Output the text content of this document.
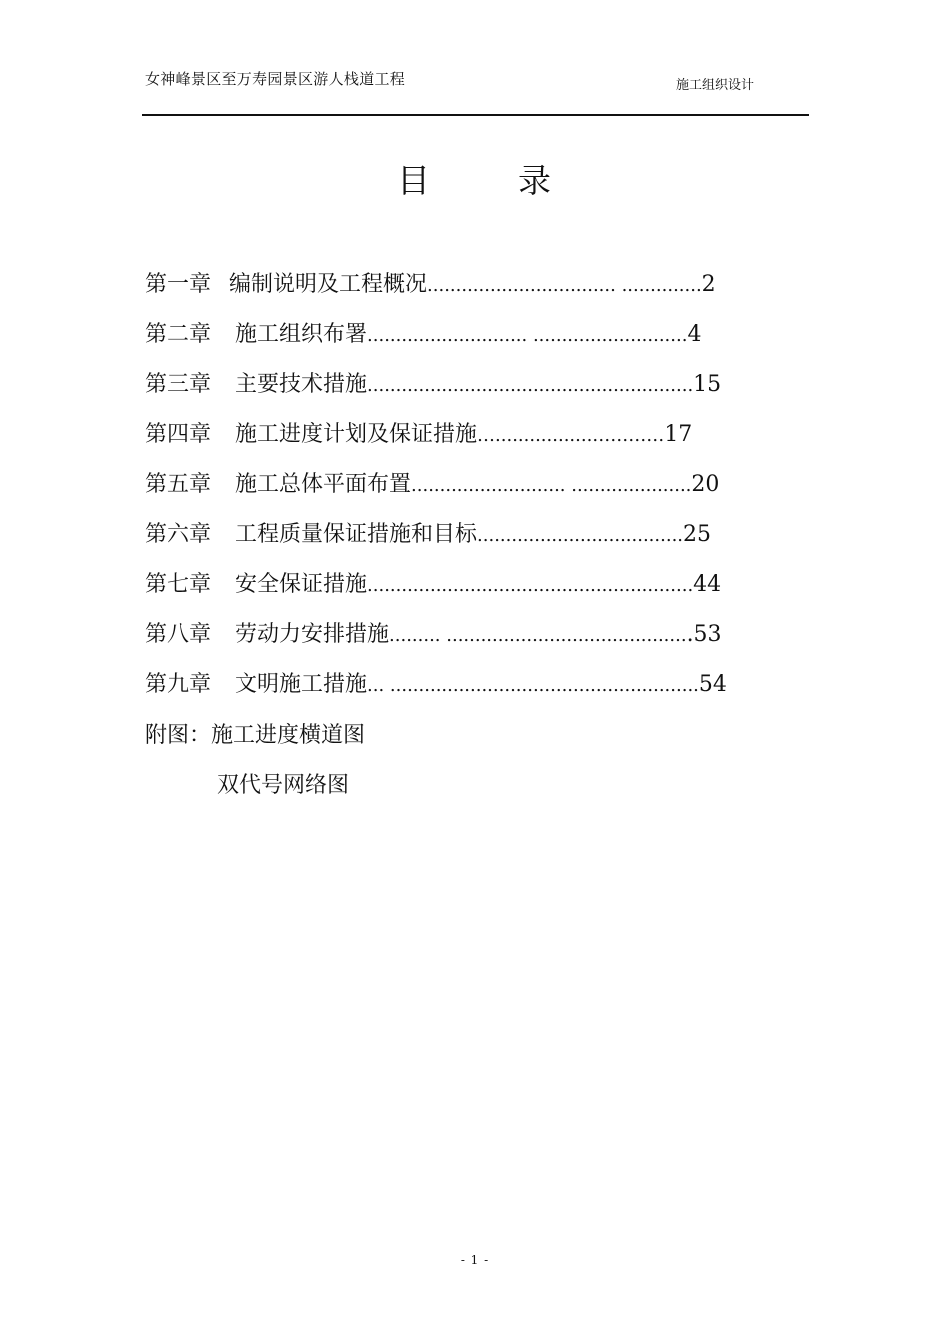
女神峰景区至万寿园景区游人栈道工程	施工组织设计
目	录
第一章 编制说明及工程概况................................. ..............2
第二章 施工组织布署............................ ...........................4
第三章 主要技术措施.........................................................15
第四章 施工进度计划及保证措施….................…………17
第五章 施工总体平面布置........................... .....................20
第六章 工程质量保证措施和目标....................................25
第七章 安全保证措施.........................................................44
第八章 劳动力安排措施......... ...........................................53
第九章 文明施工措施... ......................................................54
附图：施工进度横道图
双代号网络图
- 1 -
